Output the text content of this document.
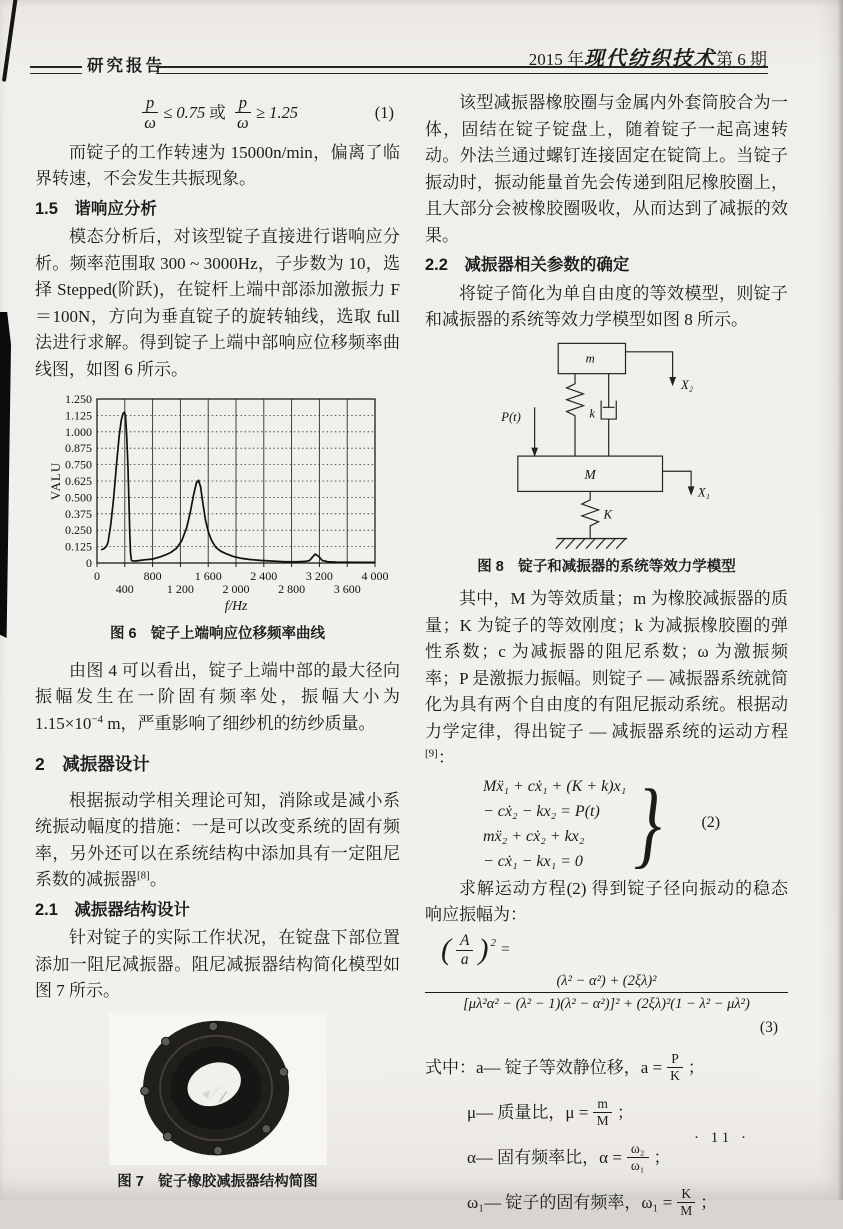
研究报告	2015 年现代纺织技术第 6 期
$\frac{p}{\omega} \le 0.75$ 或 $\frac{p}{\omega} \ge 1.25$	(1)

而锭子的工作转速为 15000n/min，偏离了临界转速，不会发生共振现象。

1.5　谐响应分析

模态分析后，对该型锭子直接进行谐响应分析。频率范围取 300 ~ 3000Hz，子步数为 10，选择 Stepped(阶跃)，在锭杆上端中部添加激振力 F＝100N，方向为垂直锭子的旋转轴线，选取 full 法进行求解。得到锭子上端中部响应位移频率曲线图，如图 6 所示。

0
0.125
0.250
0.375
0.500
0.625
0.750
0.875
1.000
1.125
1.250
0
400
800
1 200
1 600
2 000
2 400
2 800
3 200
3 600
4 000
VALU
f/Hz

图 6　锭子上端响应位移频率曲线

由图 4 可以看出，锭子上端中部的最大径向振幅发生在一阶固有频率处，振幅大小为 $1.15\times 10^{-4}$ m，严重影响了细纱机的纺纱质量。

2　减振器设计

根据振动学相关理论可知，消除或是减小系统振动幅度的措施：一是可以改变系统的固有频率，另外还可以在系统结构中添加具有一定阻尼系数的减振器[8]。

2.1　减振器结构设计

针对锭子的实际工作状况，在锭盘下部位置添加一阻尼减振器。阻尼减振器结构简化模型如图 7 所示。

图 7　锭子橡胶减振器结构简图

该型减振器橡胶圈与金属内外套筒胶合为一体，固结在锭子锭盘上，随着锭子一起高速转动。外法兰通过螺钉连接固定在锭筒上。当锭子振动时，振动能量首先会传递到阻尼橡胶圈上，且大部分会被橡胶圈吸收，从而达到了减振的效果。

2.2　减振器相关参数的确定

将锭子简化为单自由度的等效模型，则锭子和减振器的系统等效力学模型如图 8 所示。

m
k
P(t)
M
K
X₂
X₁

图 8　锭子和减振器的系统等效力学模型

其中，M 为等效质量；m 为橡胶减振器的质量；K 为锭子的等效刚度；k 为减振橡胶圈的弹性系数；c 为减振器的阻尼系数；ω 为激振频率；P 是激振力振幅。则锭子 — 减振器系统就简化为具有两个自由度的有阻尼振动系统。根据动力学定律，得出锭子 — 减振器系统的运动方程[9]：

Mẍ₁ + cẋ₁ + (K + k)x₁
− cẋ₂ − kx₂ = P(t)
mẍ₂ + cẋ₂ + kx₂
− cẋ₁ − kx₁ = 0 } (2)

求解运动方程(2) 得到锭子径向振动的稳态响应振幅为：

( $\frac{A}{a}$ ) 2 =
(λ² − α²) + (2ξλ)²
[μλ²α² − (λ² − 1)(λ² − α²)]² + (2ξλ)²(1 − λ² − μλ²)
(3)
式中：a— 锭子等效静位移，$a = \frac{P}{K}$ ；
μ— 质量比，$\mu = \frac{m}{M}$ ；
α— 固有频率比，$\alpha = \frac{\text{ω₂}}{\text{ω₁}}$ ；
ω₁— 锭子的固有频率，$\omega_1 = \frac{K}{M}$ ；
· 11 ·
